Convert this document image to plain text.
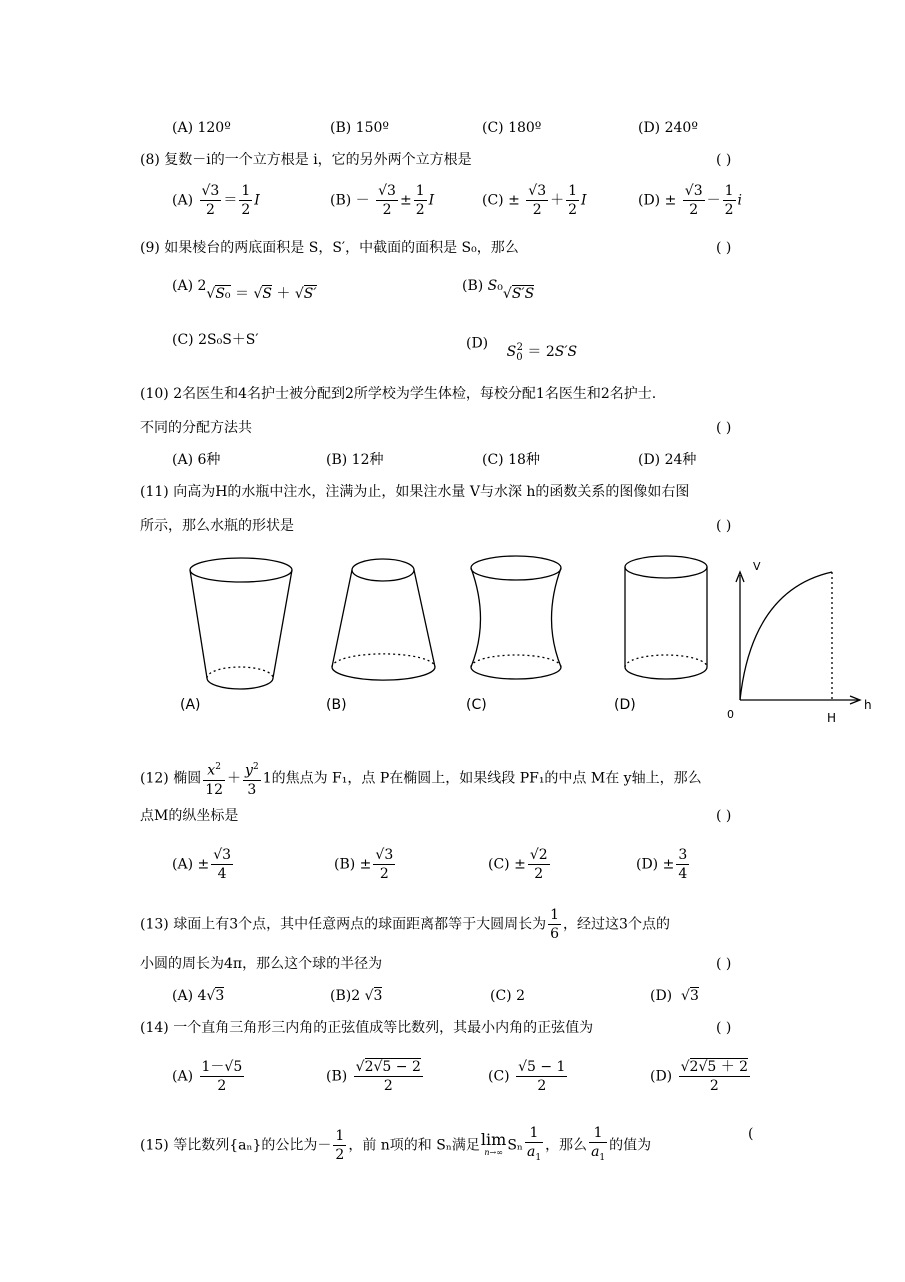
(A) 120º	(B) 150º	(C) 180º	(D) 240º
(8) 复数－i的一个立方根是 i，它的另外两个立方根是	( )
$(A) \frac{√3}{2} = \frac{1}{2}$ I	$(B) - \frac{√3}{2} \pm \frac{1}{2}$ I	$(C) \pm \frac{√3}{2} + \frac{1}{2}$ I	$(D) \pm \frac{√3}{2} - \frac{1}{2}$ i
(9) 如果棱台的两底面积是 S，S′，中截面的面积是 S₀，那么	( )
(A) 2√S₀ ＝ √S ＋ √S′	(B) S₀√S′S
(C) 2S₀S＋S′	(D) $S_0^2 = 2S'S$
(10) 2名医生和4名护士被分配到2所学校为学生体检，每校分配1名医生和2名护士.
不同的分配方法共	( )
(A) 6种	(B) 12种	(C) 18种	(D) 24种
(11) 向高为H的水瓶中注水，注满为止，如果注水量 V与水深 h的函数关系的图像如右图
所示，那么水瓶的形状是	( )
(A)	(B)	(C)	(D)
V
h
0	H
(12) 椭圆 $\frac{x^2}{12} + \frac{y^2}{3} 1$的焦点为 F₁，点 P在椭圆上，如果线段 PF₁的中点 M在 y轴上，那么
点M的纵坐标是	( )
$(A) \pm \frac{√3}{4}$	$(B) \pm \frac{√3}{2}$	$(C) \pm \frac{√2}{2}$	$(D) \pm \frac{3}{4}$
(13) 球面上有3个点，其中任意两点的球面距离都等于大圆周长为 $\frac{1}{6}$ ，经过这3个点的
小圆的周长为4π，那么这个球的半径为	( )
(A) 4√3	(B)2 √3	(C) 2	(D)  √3
(14) 一个直角三角形三内角的正弦值成等比数列，其最小内角的正弦值为	( )
$(A) \frac{1-√5}{2}$	$(B) \frac{√2√5 - 2}{2}$	$(C) \frac{√5 - 1}{2}$	$(D) \frac{√2√5 + 2}{2}$
(15) 等比数列{aₙ}的公比为－ $\frac{1}{2}$ ，前 n项的和 Sₙ满足 lim
n→∞ Sₙ $\frac{1}{a_1}$ ，那么 $\frac{1}{a_1}$ 的值为
(
